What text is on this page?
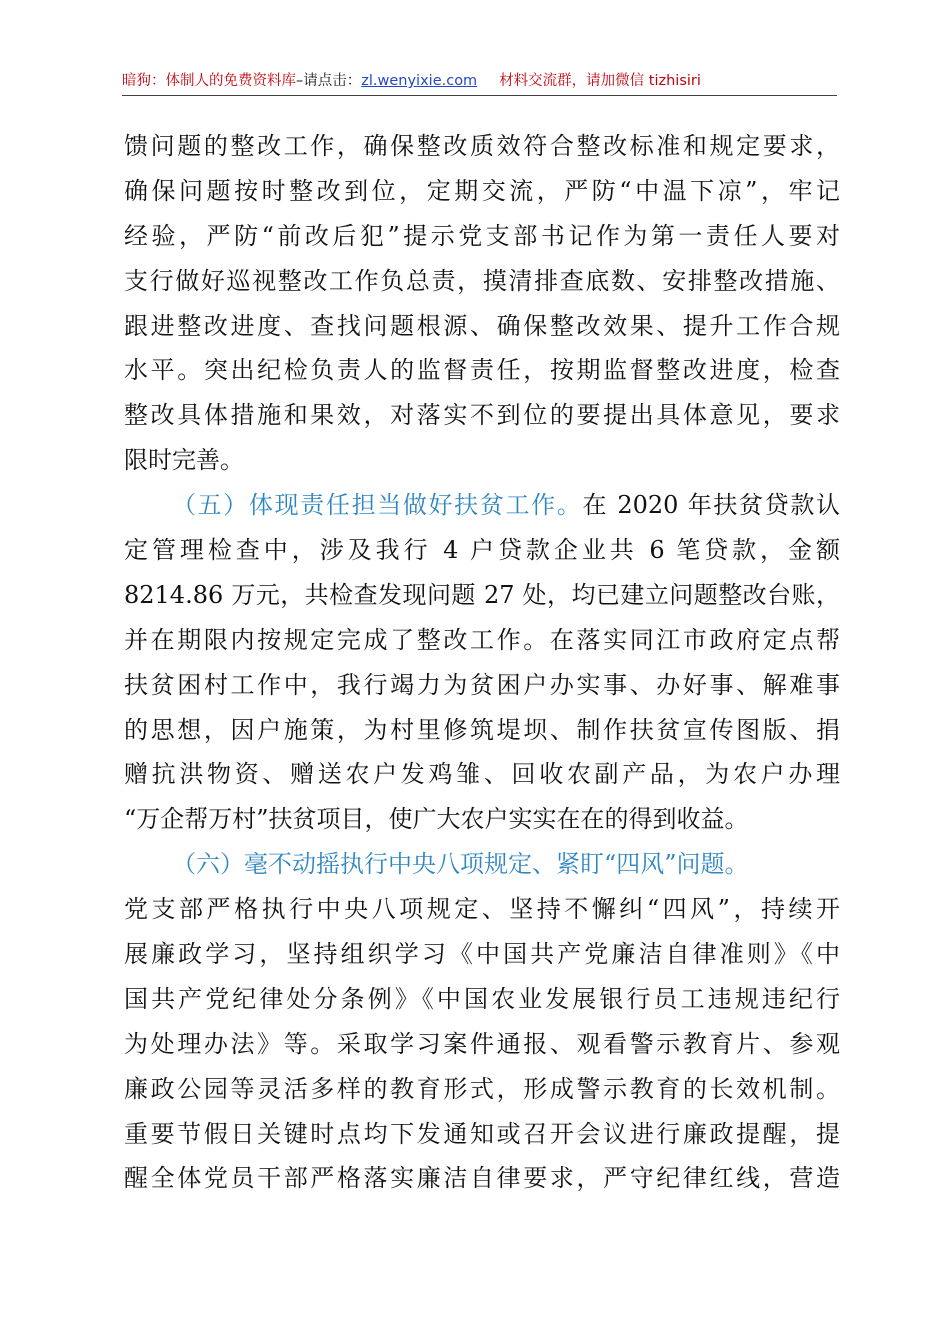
暗狗：体制人的免费资料库–请点击：zl.wenyixie.com 材料交流群，请加微信 tizhisiri
馈问题的整改工作，确保整改质效符合整改标准和规定要求，
确保问题按时整改到位，定期交流，严防“中温下凉”，牢记
经验，严防“前改后犯”提示党支部书记作为第一责任人要对
支行做好巡视整改工作负总责，摸清排查底数、安排整改措施、
跟进整改进度、查找问题根源、确保整改效果、提升工作合规
水平。突出纪检负责人的监督责任，按期监督整改进度，检查
整改具体措施和果效，对落实不到位的要提出具体意见，要求
限时完善。
（五）体现责任担当做好扶贫工作。在 2020 年扶贫贷款认
定管理检查中，涉及我行 4 户贷款企业共 6 笔贷款，金额
8214.86 万元，共检查发现问题 27 处，均已建立问题整改台账，
并在期限内按规定完成了整改工作。在落实同江市政府定点帮
扶贫困村工作中，我行竭力为贫困户办实事、办好事、解难事
的思想，因户施策，为村里修筑堤坝、制作扶贫宣传图版、捐
赠抗洪物资、赠送农户发鸡雏、回收农副产品，为农户办理
“万企帮万村”扶贫项目，使广大农户实实在在的得到收益。
（六）毫不动摇执行中央八项规定、紧盯“四风”问题。
党支部严格执行中央八项规定、坚持不懈纠“四风”，持续开
展廉政学习，坚持组织学习《中国共产党廉洁自律准则》《中
国共产党纪律处分条例》《中国农业发展银行员工违规违纪行
为处理办法》等。采取学习案件通报、观看警示教育片、参观
廉政公园等灵活多样的教育形式，形成警示教育的长效机制。
重要节假日关键时点均下发通知或召开会议进行廉政提醒，提
醒全体党员干部严格落实廉洁自律要求，严守纪律红线，营造
